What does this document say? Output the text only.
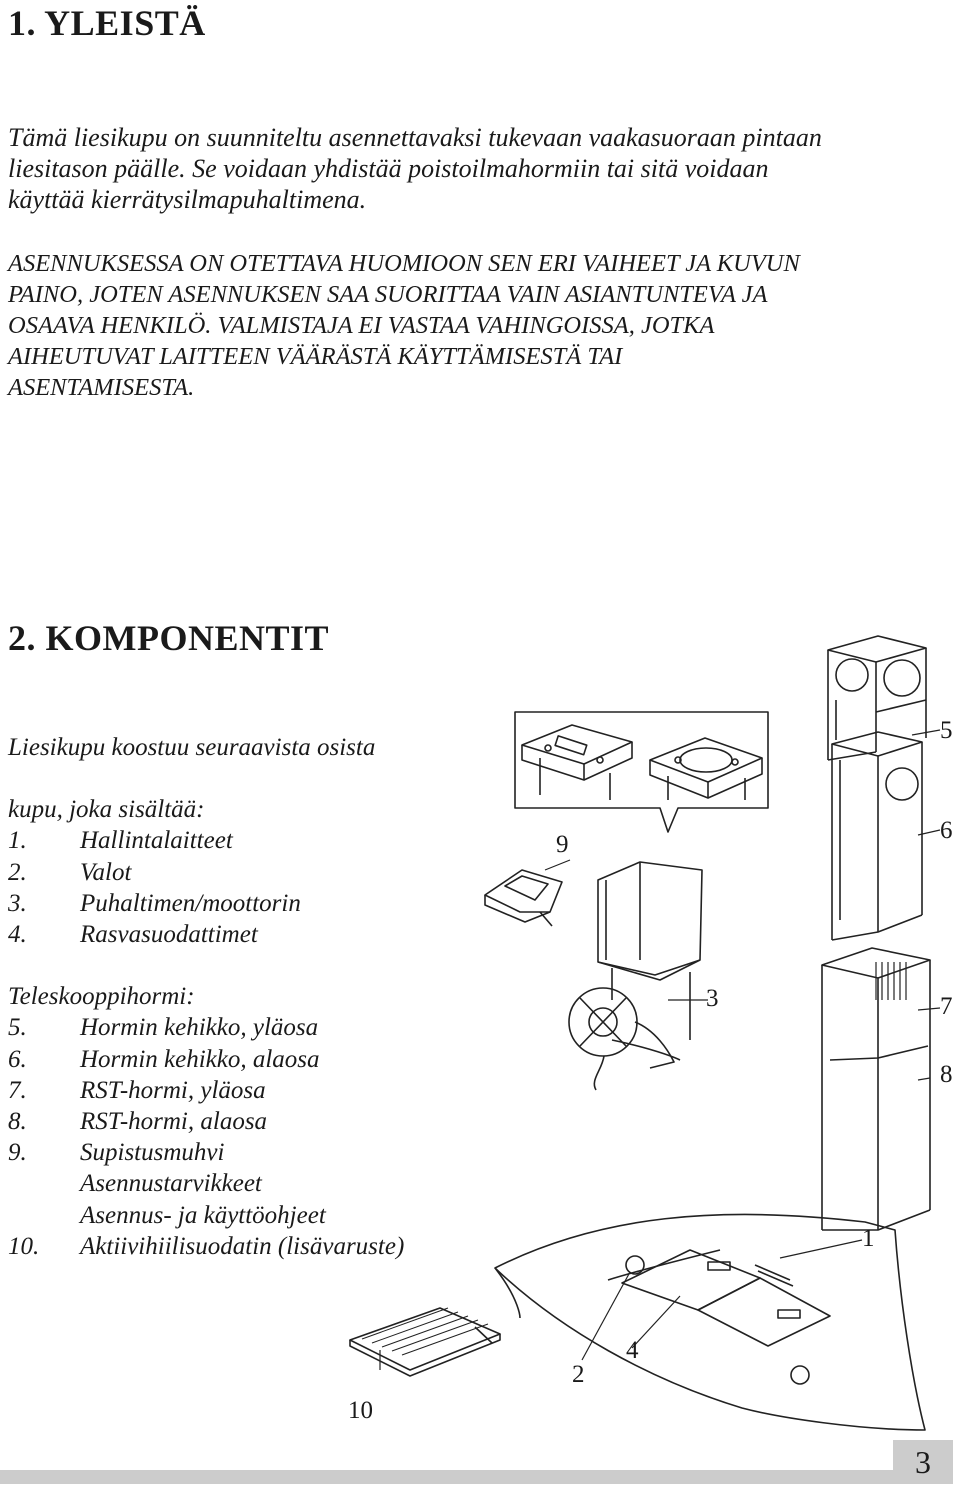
1. YLEISTÄ

Tämä liesikupu on suunniteltu asennettavaksi tukevaan vaakasuoraan pintaan

liesitason päälle. Se voidaan yhdistää poistoilmahormiin tai sitä voidaan

käyttää kierrätysilmapuhaltimena.

ASENNUKSESSA ON OTETTAVA HUOMIOON SEN ERI VAIHEET JA KUVUN

PAINO, JOTEN ASENNUKSEN SAA SUORITTAA VAIN ASIANTUNTEVA JA

OSAAVA HENKILÖ. VALMISTAJA EI VASTAA VAHINGOISSA, JOTKA

AIHEUTUVAT LAITTEEN VÄÄRÄSTÄ KÄYTTÄMISESTÄ TAI

ASENTAMISESTA.

2. KOMPONENTIT
Liesikupu koostuu seuraavista osista
kupu, joka sisältää:
1.	Hallintalaitteet
2.	Valot
3.	Puhaltimen/moottorin
4.	Rasvasuodattimet
Teleskooppihormi:
5.	Hormin kehikko, yläosa
6.	Hormin kehikko, alaosa
7.	RST-hormi, yläosa
8.	RST-hormi, alaosa
9.	Supistusmuhvi
Asennustarvikkeet
Asennus- ja käyttöohjeet
10.	Aktiivihiilisuodatin (lisävaruste)	1
2
3
4
5
6
7
8
9
10
3
